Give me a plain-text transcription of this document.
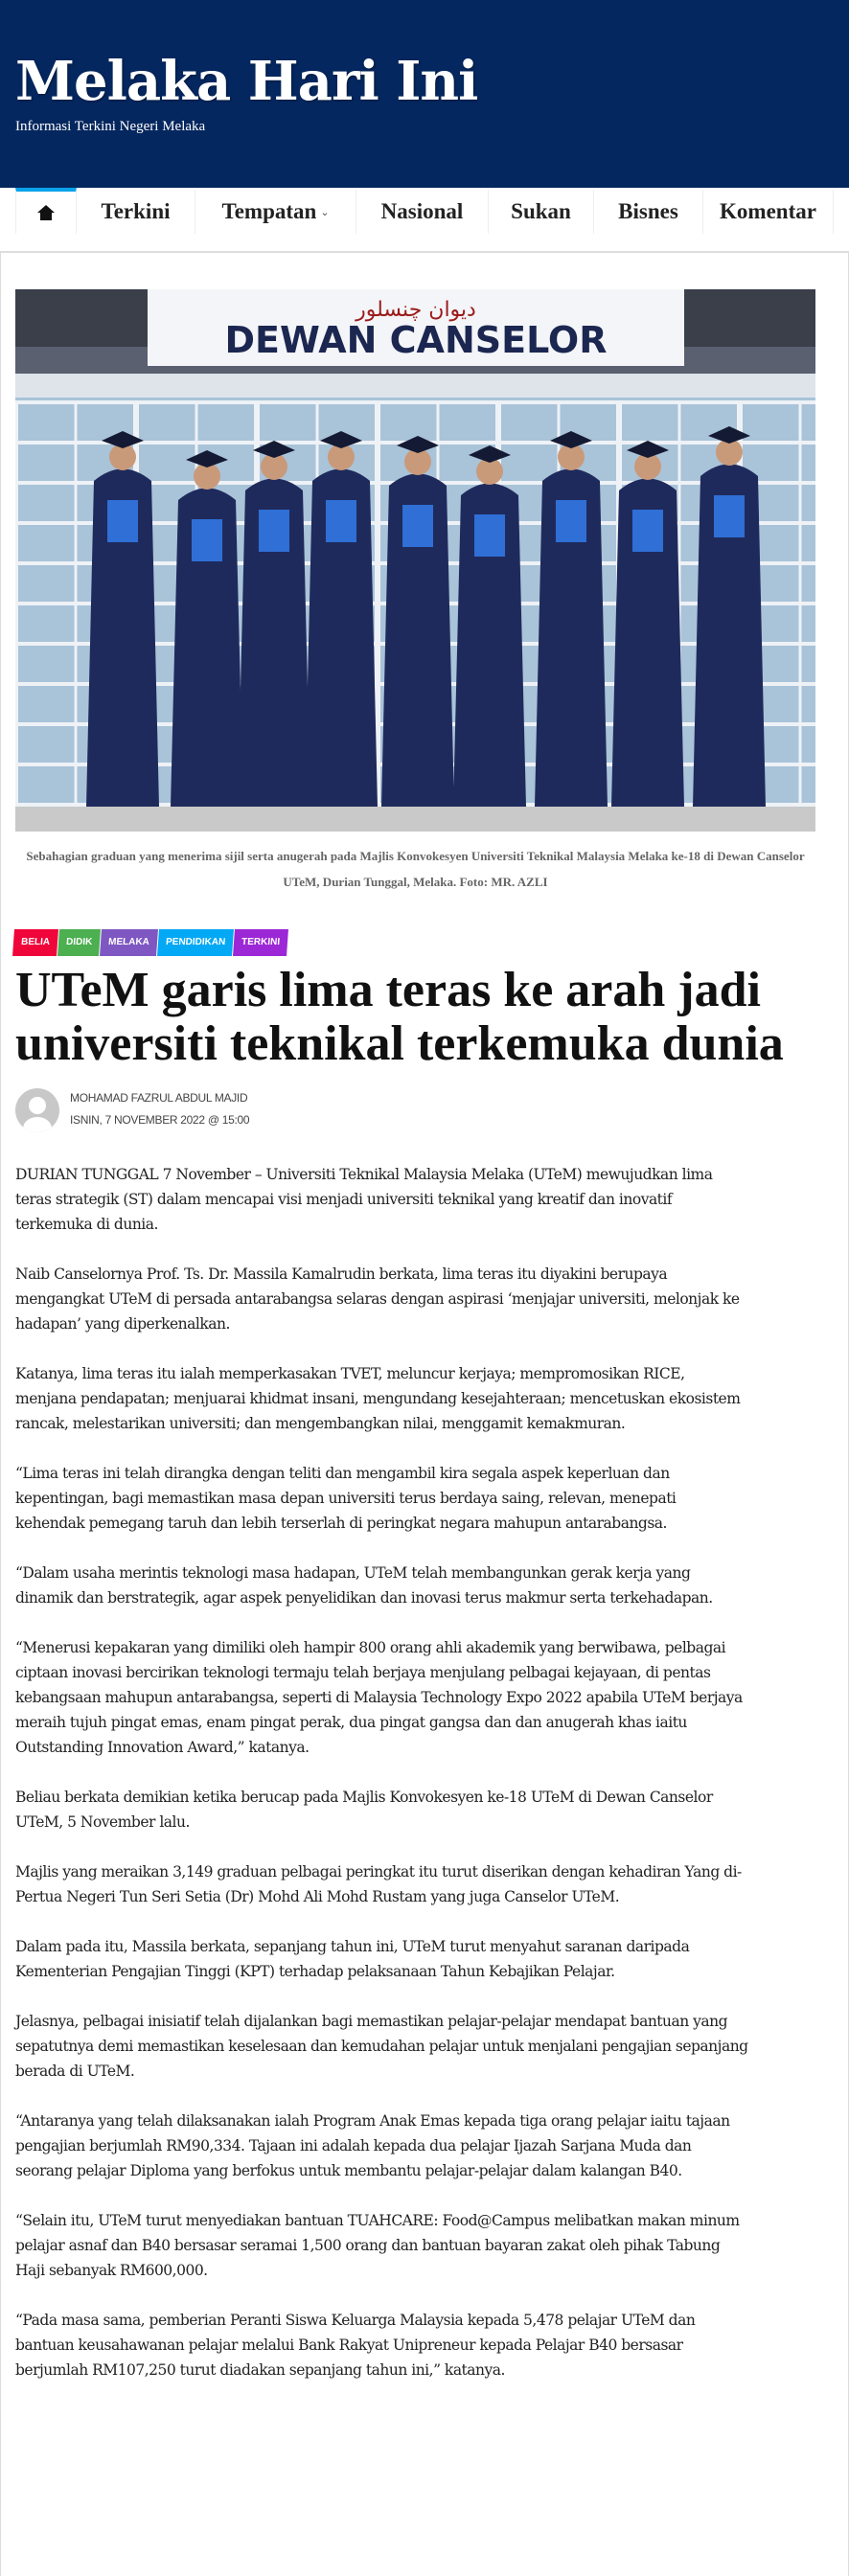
Melaka Hari Ini
Informasi Terkini Negeri Melaka
Terkini Tempatan ⌄ Nasional Sukan Bisnes Komentar
ديوان چنسلور
DEWAN CANSELOR
Sebahagian graduan yang menerima sijil serta anugerah pada Majlis Konvokesyen Universiti Teknikal Malaysia Melaka ke-18 di Dewan Canselor UTeM, Durian Tunggal, Melaka. Foto: MR. AZLI
BELIA	DIDIK	MELAKA	PENDIDIKAN	TERKINI
UTeM garis lima teras ke arah jadi universiti teknikal terkemuka dunia
MOHAMAD FAZRUL ABDUL MAJID
ISNIN, 7 NOVEMBER 2022 @ 15:00

DURIAN TUNGGAL 7 November – Universiti Teknikal Malaysia Melaka (UTeM) mewujudkan lima teras strategik (ST) dalam mencapai visi menjadi universiti teknikal yang kreatif dan inovatif terkemuka di dunia.

Naib Canselornya Prof. Ts. Dr. Massila Kamalrudin berkata, lima teras itu diyakini berupaya mengangkat UTeM di persada antarabangsa selaras dengan aspirasi ‘menjajar universiti, melonjak ke hadapan’ yang diperkenalkan.

Katanya, lima teras itu ialah memperkasakan TVET, meluncur kerjaya; mempromosikan RICE, menjana pendapatan; menjuarai khidmat insani, mengundang kesejahteraan; mencetuskan ekosistem rancak, melestarikan universiti; dan mengembangkan nilai, menggamit kemakmuran.

“Lima teras ini telah dirangka dengan teliti dan mengambil kira segala aspek keperluan dan kepentingan, bagi memastikan masa depan universiti terus berdaya saing, relevan, menepati kehendak pemegang taruh dan lebih terserlah di peringkat negara mahupun antarabangsa.

“Dalam usaha merintis teknologi masa hadapan, UTeM telah membangunkan gerak kerja yang dinamik dan berstrategik, agar aspek penyelidikan dan inovasi terus makmur serta terkehadapan.

“Menerusi kepakaran yang dimiliki oleh hampir 800 orang ahli akademik yang berwibawa, pelbagai ciptaan inovasi bercirikan teknologi termaju telah berjaya menjulang pelbagai kejayaan, di pentas kebangsaan mahupun antarabangsa, seperti di Malaysia Technology Expo 2022 apabila UTeM berjaya meraih tujuh pingat emas, enam pingat perak, dua pingat gangsa dan dan anugerah khas iaitu Outstanding Innovation Award,” katanya.

Beliau berkata demikian ketika berucap pada Majlis Konvokesyen ke-18 UTeM di Dewan Canselor UTeM, 5 November lalu.

Majlis yang meraikan 3,149 graduan pelbagai peringkat itu turut diserikan dengan kehadiran Yang di-Pertua Negeri Tun Seri Setia (Dr) Mohd Ali Mohd Rustam yang juga Canselor UTeM.

Dalam pada itu, Massila berkata, sepanjang tahun ini, UTeM turut menyahut saranan daripada Kementerian Pengajian Tinggi (KPT) terhadap pelaksanaan Tahun Kebajikan Pelajar.

Jelasnya, pelbagai inisiatif telah dijalankan bagi memastikan pelajar-pelajar mendapat bantuan yang sepatutnya demi memastikan keselesaan dan kemudahan pelajar untuk menjalani pengajian sepanjang berada di UTeM.

“Antaranya yang telah dilaksanakan ialah Program Anak Emas kepada tiga orang pelajar iaitu tajaan pengajian berjumlah RM90,334. Tajaan ini adalah kepada dua pelajar Ijazah Sarjana Muda dan seorang pelajar Diploma yang berfokus untuk membantu pelajar-pelajar dalam kalangan B40.

“Selain itu, UTeM turut menyediakan bantuan TUAHCARE: Food@Campus melibatkan makan minum pelajar asnaf dan B40 bersasar seramai 1,500 orang dan bantuan bayaran zakat oleh pihak Tabung Haji sebanyak RM600,000.

“Pada masa sama, pemberian Peranti Siswa Keluarga Malaysia kepada 5,478 pelajar UTeM dan bantuan keusahawanan pelajar melalui Bank Rakyat Unipreneur kepada Pelajar B40 bersasar berjumlah RM107,250 turut diadakan sepanjang tahun ini,” katanya.
